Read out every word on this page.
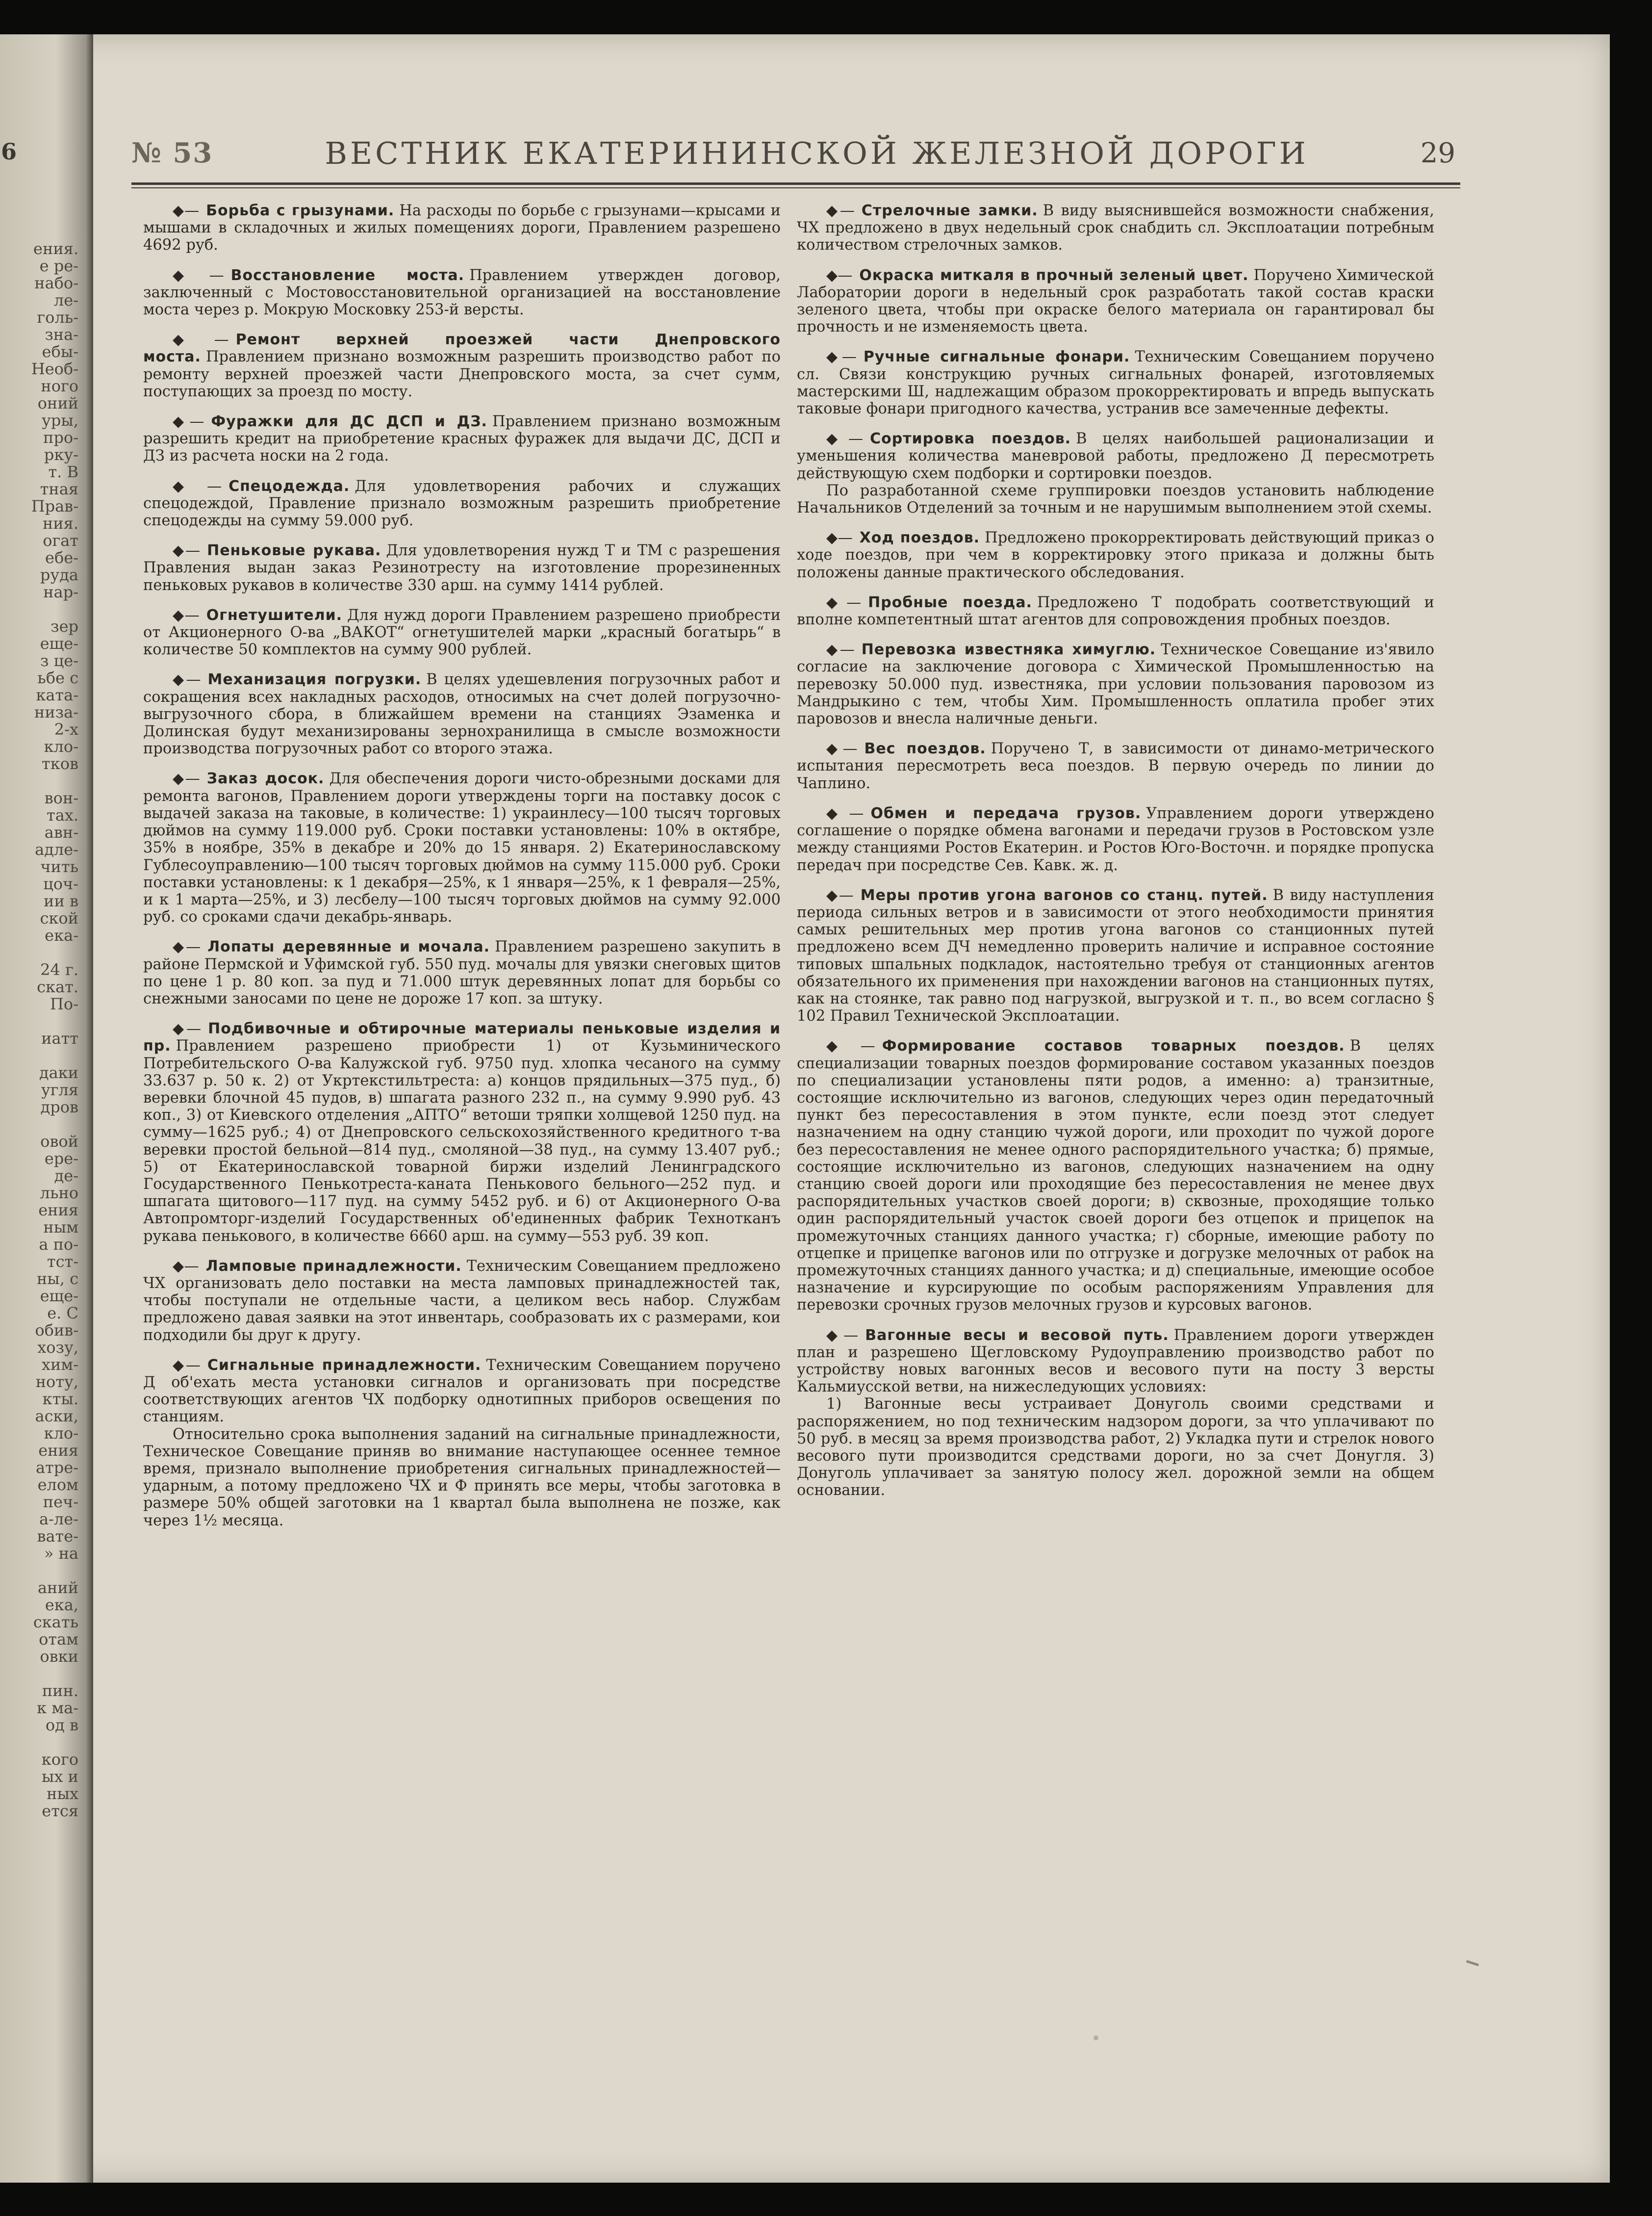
6
ения.
е ре-
набо-
ле-
голь-
зна-
ебы-
Необ-
ного
оний
уры,
про-
рку-
т. В
тная
Прав-
ния.
огат
ебе-
руда
нар-

зер
еще-
з це-
ьбе с
ката-
низа-
2-х
кло-
тков

вон-
тах.
авн-
адле-
чить
цоч-
ии в
ской
ека-

24 г.
скат.
По-

иатт

даки
угля
дров

овой
ере-
де-
льно
ения
ным
а по-
тст-
ны, с
еще-
е. С
обив-
хозу,
хим-
ноту,
кты.
аски,
кло-
ения
атре-
елом
печ-
а-ле-
вате-
» на

аний
ека,
скать
отам
овки

пин.
к ма-
од в

кого
ых и
ных
ется
№ 53	ВЕСТНИК ЕКАТЕРИНИНСКОЙ ЖЕЛЕЗНОЙ ДОРОГИ	29
◆— Борьба с грызунами. На расходы по борьбе с грызунами—крысами и мышами в складочных и жилых помещениях дороги, Правлением разрешено 4692 руб.
◆— Восстановление моста. Правлением утвержден договор, заключенный с Мостовосстановительной организацией на восстановление моста через р. Мокрую Московку 253-й версты.
◆— Ремонт верхней проезжей части Днепровского моста. Правлением признано возможным разрешить производство работ по ремонту верхней проезжей части Днепровского моста, за счет сумм, поступающих за проезд по мосту.
◆— Фуражки для ДС ДСП и ДЗ. Правлением признано возможным разрешить кредит на приобретение красных фуражек для выдачи ДС, ДСП и ДЗ из расчета носки на 2 года.
◆— Спецодежда. Для удовлетворения рабочих и служащих спецодеждой, Правление признало возможным разрешить приобретение спецодежды на сумму 59.000 руб.
◆— Пеньковые рукава. Для удовлетворения нужд Т и ТМ с разрешения Правления выдан заказ Резинотресту на изготовление прорезиненных пеньковых рукавов в количестве 330 арш. на сумму 1414 рублей.
◆— Огнетушители. Для нужд дороги Правлением разрешено приобрести от Акционерного О-ва „ВАКОТ“ огнетушителей марки „красный богатырь“ в количестве 50 комплектов на сумму 900 рублей.
◆— Механизация погрузки. В целях удешевления погрузочных работ и сокращения всех накладных расходов, относимых на счет долей погрузочно-выгрузочного сбора, в ближайшем времени на станциях Эзаменка и Долинская будут механизированы зернохранилища в смысле возможности производства погрузочных работ со второго этажа.
◆— Заказ досок. Для обеспечения дороги чисто-обрезными досками для ремонта вагонов, Правлением дороги утверждены торги на поставку досок с выдачей заказа на таковые, в количестве: 1) украинлесу—100 тысяч торговых дюймов на сумму 119.000 руб. Сроки поставки установлены: 10% в октябре, 35% в ноябре, 35% в декабре и 20% до 15 января. 2) Екатеринославскому Гублесоуправлению—100 тысяч торговых дюймов на сумму 115.000 руб. Сроки поставки установлены: к 1 декабря—25%, к 1 января—25%, к 1 февраля—25%, и к 1 марта—25%, и 3) лесбелу—100 тысяч торговых дюймов на сумму 92.000 руб. со сроками сдачи декабрь-январь.
◆— Лопаты деревянные и мочала. Правлением разрешено закупить в районе Пермской и Уфимской губ. 550 пуд. мочалы для увязки снеговых щитов по цене 1 р. 80 коп. за пуд и 71.000 штук деревянных лопат для борьбы со снежными заносами по цене не дороже 17 коп. за штуку.
◆— Подбивочные и обтирочные материалы пеньковые изделия и пр. Правлением разрешено приобрести 1) от Кузьминического Потребительского О-ва Калужской губ. 9750 пуд. хлопка чесаного на сумму 33.637 р. 50 к. 2) от Укртекстильтреста: а) концов прядильных—375 пуд., б) веревки блочной 45 пудов, в) шпагата разного 232 п., на сумму 9.990 руб. 43 коп., 3) от Киевского отделения „АПТО“ ветоши тряпки холщевой 1250 пуд. на сумму—1625 руб.; 4) от Днепровского сельскохозяйственного кредитного т-ва веревки простой бельной—814 пуд., смоляной—38 пуд., на сумму 13.407 руб.; 5) от Екатеринославской товарной биржи изделий Ленинградского Государственного Пенькотреста-каната Пенькового бельного—252 пуд. и шпагата щитового—117 пуд. на сумму 5452 руб. и 6) от Акционерного О-ва Автопромторг-изделий Государственных об'единенных фабрик Технотканъ рукава пенькового, в количестве 6660 арш. на сумму—553 руб. 39 коп.
◆— Ламповые принадлежности. Техническим Совещанием предложено ЧХ организовать дело поставки на места ламповых принадлежностей так, чтобы поступали не отдельные части, а целиком весь набор. Службам предложено давая заявки на этот инвентарь, сообразовать их с размерами, кои подходили бы друг к другу.
◆— Сигнальные принадлежности. Техническим Совещанием поручено Д об'ехать места установки сигналов и организовать при посредстве соответствующих агентов ЧХ подборку однотипных приборов освещения по станциям.
Относительно срока выполнения заданий на сигнальные принадлежности, Техническое Совещание приняв во внимание наступающее осеннее темное время, признало выполнение приобретения сигнальных принадлежностей—ударным, а потому предложено ЧХ и Ф принять все меры, чтобы заготовка в размере 50% общей заготовки на 1 квартал была выполнена не позже, как через 1½ месяца.
◆— Стрелочные замки. В виду выяснившейся возможности снабжения, ЧХ предложено в двух недельный срок снабдить сл. Эксплоатации потребным количеством стрелочных замков.
◆— Окраска миткаля в прочный зеленый цвет. Поручено Химической Лаборатории дороги в недельный срок разработать такой состав краски зеленого цвета, чтобы при окраске белого материала он гарантировал бы прочность и не изменяемость цвета.
◆— Ручные сигнальные фонари. Техническим Совещанием поручено сл. Связи конструкцию ручных сигнальных фонарей, изготовляемых мастерскими Ш, надлежащим образом прокорректировать и впредь выпускать таковые фонари пригодного качества, устранив все замеченные дефекты.
◆— Сортировка поездов. В целях наибольшей рационализации и уменьшения количества маневровой работы, предложено Д пересмотреть действующую схем подборки и сортировки поездов.
По разработанной схеме группировки поездов установить наблюдение Начальников Отделений за точным и не нарушимым выполнением этой схемы.
◆— Ход поездов. Предложено прокорректировать действующий приказ о ходе поездов, при чем в корректировку этого приказа и должны быть положены данные практического обследования.
◆— Пробные поезда. Предложено Т подобрать соответствующий и вполне компетентный штат агентов для сопровождения пробных поездов.
◆— Перевозка известняка химуглю. Техническое Совещание из'явило согласие на заключение договора с Химической Промышленностью на перевозку 50.000 пуд. известняка, при условии пользования паровозом из Мандрыкино с тем, чтобы Хим. Промышленность оплатила пробег этих паровозов и внесла наличные деньги.
◆— Вес поездов. Поручено Т, в зависимости от динамо-метрического испытания пересмотреть веса поездов. В первую очередь по линии до Чаплино.
◆— Обмен и передача грузов. Управлением дороги утверждено соглашение о порядке обмена вагонами и передачи грузов в Ростовском узле между станциями Ростов Екатерин. и Ростов Юго-Восточн. и порядке пропуска передач при посредстве Сев. Кавк. ж. д.
◆— Меры против угона вагонов со станц. путей. В виду наступления периода сильных ветров и в зависимости от этого необходимости принятия самых решительных мер против угона вагонов со станционных путей предложено всем ДЧ немедленно проверить наличие и исправное состояние типовых шпальных подкладок, настоятельно требуя от станционных агентов обязательного их применения при нахождении вагонов на станционных путях, как на стоянке, так равно под нагрузкой, выгрузкой и т. п., во всем согласно § 102 Правил Технической Эксплоатации.
◆— Формирование составов товарных поездов. В целях специализации товарных поездов формирование составом указанных поездов по специализации установлены пяти родов, а именно: а) транзитные, состоящие исключительно из вагонов, следующих через один передаточный пункт без пересоставления в этом пункте, если поезд этот следует назначением на одну станцию чужой дороги, или проходит по чужой дороге без пересоставления не менее одного распорядительного участка; б) прямые, состоящие исключительно из вагонов, следующих назначением на одну станцию своей дороги или проходящие без пересоставления не менее двух распорядительных участков своей дороги; в) сквозные, проходящие только один распорядительный участок своей дороги без отцепок и прицепок на промежуточных станциях данного участка; г) сборные, имеющие работу по отцепке и прицепке вагонов или по отгрузке и догрузке мелочных от рабок на промежуточных станциях данного участка; и д) специальные, имеющие особое назначение и курсирующие по особым распоряжениям Управления для перевозки срочных грузов мелочных грузов и курсовых вагонов.
◆— Вагонные весы и весовой путь. Правлением дороги утвержден план и разрешено Щегловскому Рудоуправлению производство работ по устройству новых вагонных весов и весового пути на посту 3 версты Кальмиусской ветви, на нижеследующих условиях:
1) Вагонные весы устраивает Донуголь своими средствами и распоряжением, но под техническим надзором дороги, за что уплачивают по 50 руб. в месяц за время производства работ, 2) Укладка пути и стрелок нового весового пути производится средствами дороги, но за счет Донугля. 3) Донуголь уплачивает за занятую полосу жел. дорожной земли на общем основании.
